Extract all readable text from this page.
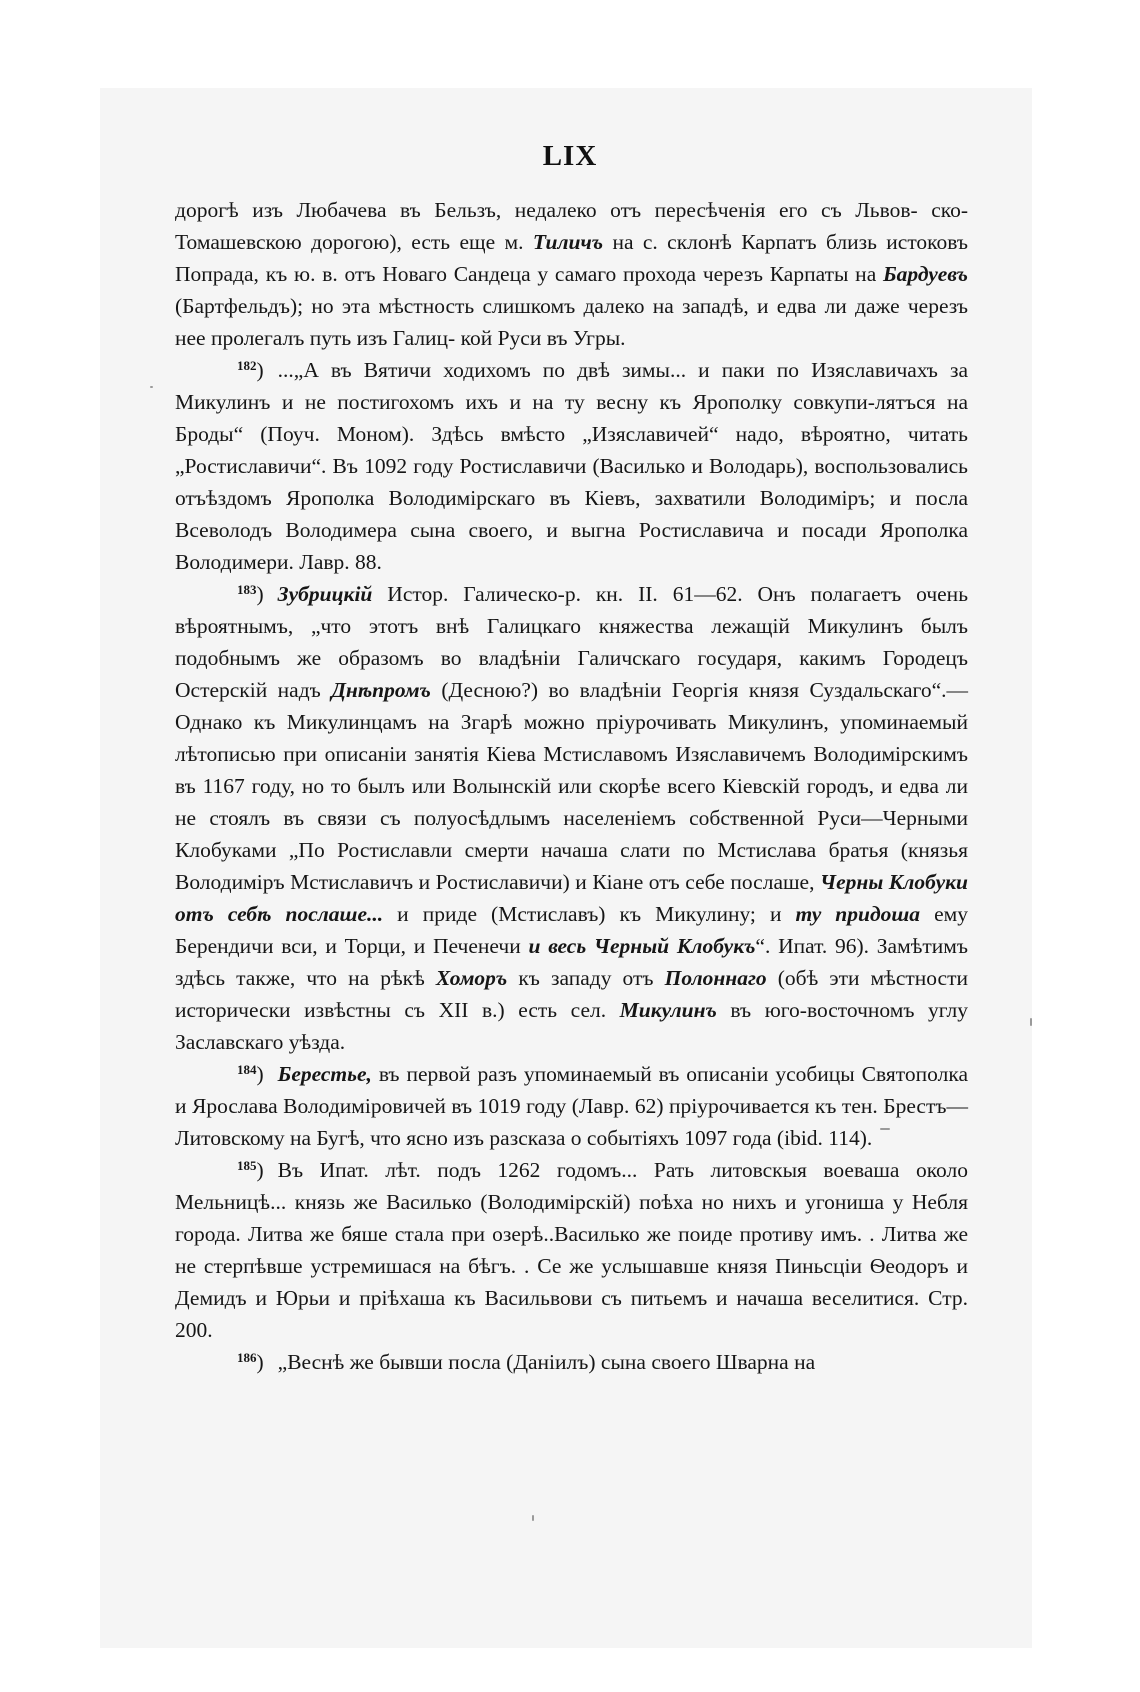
LIX

дорогѣ изъ Любачева въ Бельзъ, недалеко отъ пересѣченія его съ Львов- ско-Томашевскою дорогою), есть еще м. Тиличъ на с. склонѣ Карпатъ близь истоковъ Попрада, къ ю. в. отъ Новаго Сандеца у самаго прохода черезъ Карпаты на Бардуевъ (Бартфельдъ); но эта мѣстность слишкомъ далеко на западѣ, и едва ли даже черезъ нее пролегалъ путь изъ Галиц- кой Руси въ Угры.

$^{182}$) ...„А въ Вятичи ходихомъ по двѣ зимы... и паки по Изяславичахъ за Микулинъ и не постигохомъ ихъ и на ту весну къ Ярополку совкупи-лятъся на Броды“ (Поуч. Моном). Здѣсь вмѣсто „Изяславичей“ надо, вѣроятно, читать „Ростиславичи“. Въ 1092 году Ростиславичи (Василько и Володарь), воспользовались отъѣздомъ Ярополка Володимірскаго въ Кіевъ, захватили Володиміръ; и посла Всеволодъ Володимера сына своего, и выгна Ростиславича и посади Ярополка Володимери. Лавр. 88.

$^{183}$) Зубрицкій Истор. Галическо-р. кн. II. 61—62. Онъ полагаетъ очень вѣроятнымъ, „что этотъ внѣ Галицкаго княжества лежащій Микулинъ былъ подобнымъ же образомъ во владѣніи Галичскаго государя, какимъ Городецъ Остерскій надъ Днѣпромъ (Десною?) во владѣніи Георгія князя Суздальскаго“.—Однако къ Микулинцамъ на Згарѣ можно пріурочивать Микулинъ, упоминаемый лѣтописью при описаніи занятія Кіева Мстиславомъ Изяславичемъ Володимірскимъ въ 1167 году, но то былъ или Волынскій или скорѣе всего Кіевскій городъ, и едва ли не стоялъ въ связи съ полуосѣдлымъ населеніемъ собственной Руси—Черными Клобуками „По Ростиславли смерти начаша слати по Мстислава братья (князья Володиміръ Мстиславичъ и Ростиславичи) и Кіане отъ себе послаше, Черны Клобуки отъ себѣ послаше... и приде (Мстиславъ) къ Микулину; и ту придоша ему Берендичи вси, и Торци, и Печенечи и весь Черный Клобукъ“. Ипат. 96). Замѣтимъ здѣсь также, что на рѣкѣ Хоморъ къ западу отъ Полоннаго (обѣ эти мѣстности исторически извѣстны съ XII в.) есть сел. Микулинъ въ юго-восточномъ углу Заславскаго уѣзда.

$^{184}$) Берестье, въ первой разъ упоминаемый въ описаніи усобицы Святополка и Ярослава Володиміровичей въ 1019 году (Лавр. 62) пріурочивается къ тен. Брестъ—Литовскому на Бугѣ, что ясно изъ разсказа о событіяхъ 1097 года (ibid. 114).

$^{185}$) Въ Ипат. лѣт. подъ 1262 годомъ... Рать литовскыя воеваша около Мельницѣ... князь же Василько (Володимірскій) поѣха но нихъ и угониша у Небля города. Литва же бяше стала при озерѣ..Василько же поиде противу имъ. . Литва же не стерпѣвше устремишася на бѣгъ. . Се же услышавше князя Пиньсціи Ѳеодоръ и Демидъ и Юрьи и пріѣхаша къ Васильвови съ питьемъ и начаша веселитися. Стр. 200.

$^{186}$) „Веснѣ же бывши посла (Даніилъ) сына своего Шварна на
